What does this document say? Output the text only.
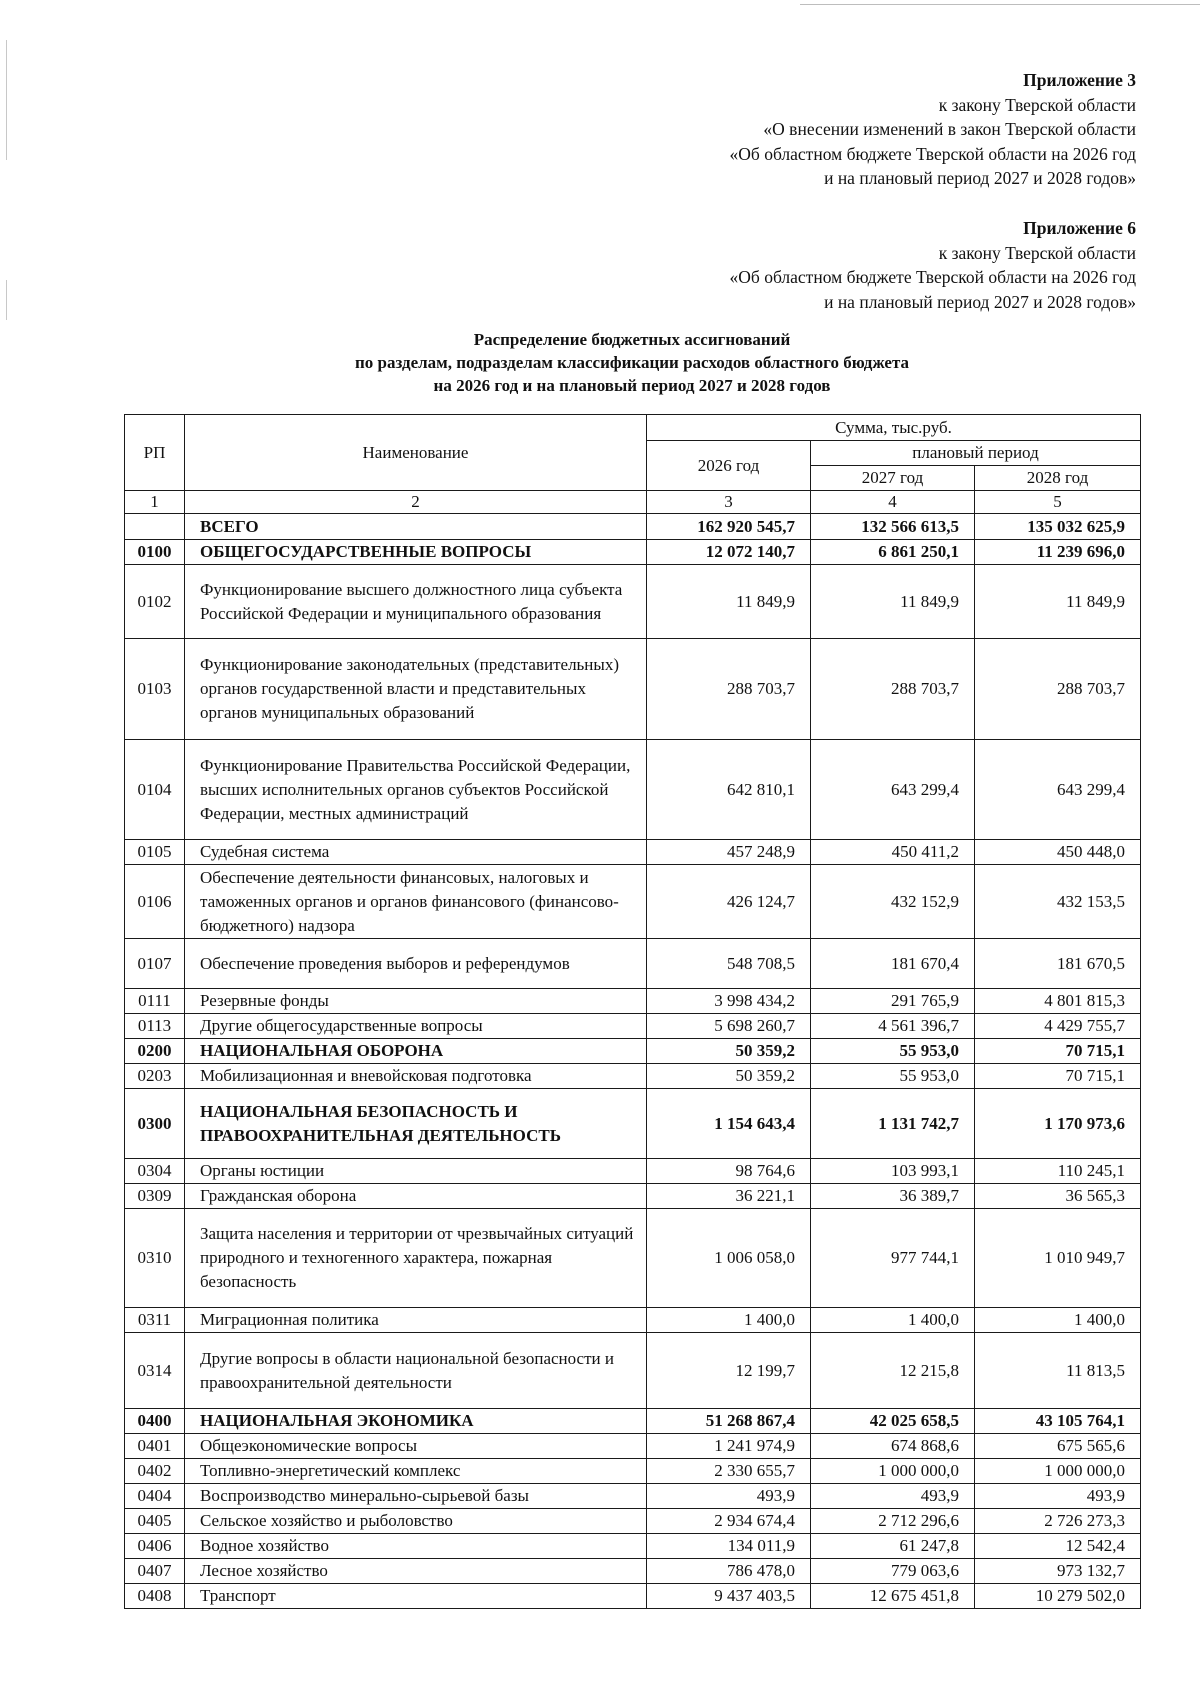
Приложение 3
к закону Тверской области
«О внесении изменений в закон Тверской области
«Об областном бюджете Тверской области на 2026 год
и на плановый период 2027 и 2028 годов»
Приложение 6
к закону Тверской области
«Об областном бюджете Тверской области на 2026 год
и на плановый период 2027 и 2028 годов»
Распределение бюджетных ассигнований
по разделам, подразделам классификации расходов областного бюджета
на 2026 год и на плановый период 2027 и 2028 годов
РП	Наименование	Сумма, тыс.руб.		
		2026 год	плановый период	
			2027 год	2028 год
1	2	3	4	5
	ВСЕГО	162 920 545,7	132 566 613,5	135 032 625,9
0100	ОБЩЕГОСУДАРСТВЕННЫЕ ВОПРОСЫ	12 072 140,7	6 861 250,1	11 239 696,0
0102	Функционирование высшего должностного лица субъекта Российской Федерации и муниципального образования	11 849,9	11 849,9	11 849,9
0103	Функционирование законодательных (представительных) органов государственной власти и представительных органов муниципальных образований	288 703,7	288 703,7	288 703,7
0104	Функционирование Правительства Российской Федерации, высших исполнительных органов субъектов Российской Федерации, местных администраций	642 810,1	643 299,4	643 299,4
0105	Судебная система	457 248,9	450 411,2	450 448,0
0106	Обеспечение деятельности финансовых, налоговых и таможенных органов и органов финансового (финансово-бюджетного) надзора	426 124,7	432 152,9	432 153,5
0107	Обеспечение проведения выборов и референдумов	548 708,5	181 670,4	181 670,5
0111	Резервные фонды	3 998 434,2	291 765,9	4 801 815,3
0113	Другие общегосударственные вопросы	5 698 260,7	4 561 396,7	4 429 755,7
0200	НАЦИОНАЛЬНАЯ ОБОРОНА	50 359,2	55 953,0	70 715,1
0203	Мобилизационная и вневойсковая подготовка	50 359,2	55 953,0	70 715,1
0300	НАЦИОНАЛЬНАЯ БЕЗОПАСНОСТЬ И ПРАВООХРАНИТЕЛЬНАЯ ДЕЯТЕЛЬНОСТЬ	1 154 643,4	1 131 742,7	1 170 973,6
0304	Органы юстиции	98 764,6	103 993,1	110 245,1
0309	Гражданская оборона	36 221,1	36 389,7	36 565,3
0310	Защита населения и территории от чрезвычайных ситуаций природного и техногенного характера, пожарная безопасность	1 006 058,0	977 744,1	1 010 949,7
0311	Миграционная политика	1 400,0	1 400,0	1 400,0
0314	Другие вопросы в области национальной безопасности и правоохранительной деятельности	12 199,7	12 215,8	11 813,5
0400	НАЦИОНАЛЬНАЯ ЭКОНОМИКА	51 268 867,4	42 025 658,5	43 105 764,1
0401	Общеэкономические вопросы	1 241 974,9	674 868,6	675 565,6
0402	Топливно-энергетический комплекс	2 330 655,7	1 000 000,0	1 000 000,0
0404	Воспроизводство минерально-сырьевой базы	493,9	493,9	493,9
0405	Сельское хозяйство и рыболовство	2 934 674,4	2 712 296,6	2 726 273,3
0406	Водное хозяйство	134 011,9	61 247,8	12 542,4
0407	Лесное хозяйство	786 478,0	779 063,6	973 132,7
0408	Транспорт	9 437 403,5	12 675 451,8	10 279 502,0
